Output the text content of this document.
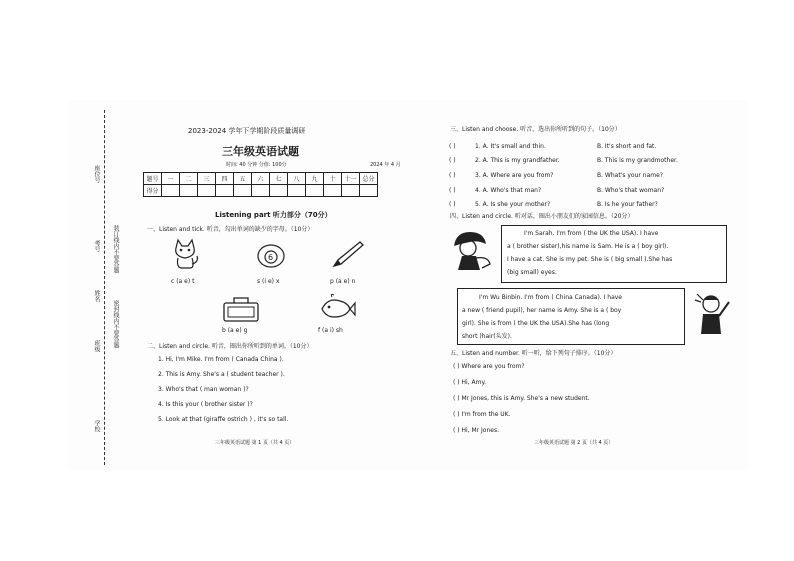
座位号
考号
姓名
班级
学校
装订线内不要答题
密封线内不要答题
2023-2024 学年下学期阶段质量调研
三年级英语试题
时间: 40 分钟 分值: 100分	2024 年 4 月
题号	一	二	三	四	五	六	七	八	九	十	十一	总分
得分												
Listening part 听力部分（70分）
一、Listen and tick. 听音，勾出单词的缺少的字母。（10分）
6
c (a e) t	s (i e) x	p (a e) n
b (a e) g	f (a i) sh
二、Listen and circle. 听音，圈出你所听到的单词。（10分）
1. Hi, I'm Mike. I'm from ( Canada China ).
2. This is Amy. She's a ( student teacher ).
3. Who's that ( man woman )?
4. Is this your ( brother sister )?
5. Look at that (giraffe ostrich ) , it's so tall.
三年级英语试题 第 1 页（共 4 页）
三、Listen and choose. 听音，选出你所听到的句子。（10分）
( )	1. A. It's small and thin.	B. It's short and fat.
( )	2. A. This is my grandfather.	B. This is my grandmother.
( )	3. A. Where are you from?	B. What's your name?
( )	4. A. Who's that man?	B. Who's that woman?
( )	5. A. Is she your mother?	B. Is he your father?
四、Listen and circle. 听对话，圈出小朋友们的家园信息。（20分）
I'm Sarah. I'm from ( the UK the USA). I have
a ( brother sister),his name is Sam. He is a ( boy girl).
I have a cat. She is my pet. She is ( big small ).She has
(big small) eyes.
I'm Wu Binbin. I'm from ( China Canada). I have
a new ( friend pupil), her name is Amy. She is a ( boy
girl). She is from ( the UK the USA).She has (long
short )hair(头发).
五、Listen and number. 听一听，给下列句子排序。（10分）
( ) Where are you from?
( ) Hi, Amy.
( ) Mr Jones, this is Amy. She's a new student.
( ) I'm from the UK.
( ) Hi, Mr Jones.
三年级英语试题 第 2 页（共 4 页）
